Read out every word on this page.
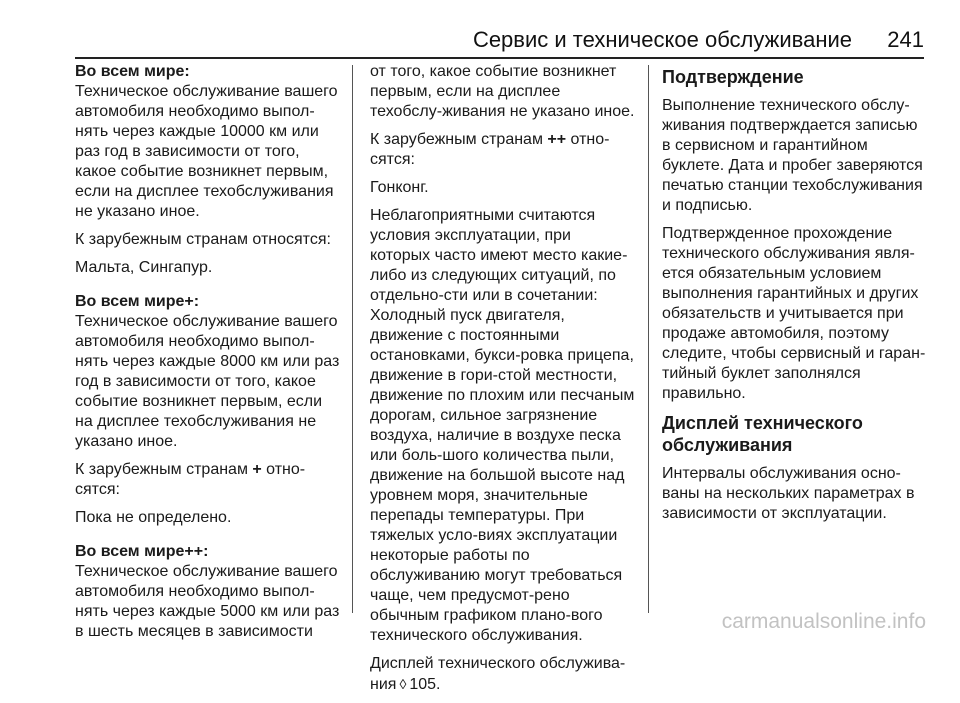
Сервис и техническое обслуживание 241
Во всем мире:

Техническое обслуживание вашего автомобиля необходимо выпол-нять через каждые 10000 км или раз год в зависимости от того, какое событие возникнет первым, если на дисплее техобслуживания не указано иное.

К зарубежным странам относятся:

Мальта, Сингапур.

Во всем мире+:

Техническое обслуживание вашего автомобиля необходимо выпол-нять через каждые 8000 км или раз год в зависимости от того, какое событие возникнет первым, если на дисплее техобслуживания не указано иное.

К зарубежным странам + отно-сятся:

Пока не определено.

Во всем мире++:

Техническое обслуживание вашего автомобиля необходимо выпол-нять через каждые 5000 км или раз в шесть месяцев в зависимости

от того, какое событие возникнет первым, если на дисплее техобслу-живания не указано иное.

К зарубежным странам ++ отно-сятся:

Гонконг.

Неблагоприятными считаются условия эксплуатации, при которых часто имеют место какие-либо из следующих ситуаций, по отдельно-сти или в сочетании: Холодный пуск двигателя, движение с постоянными остановками, букси-ровка прицепа, движение в гори-стой местности, движение по плохим или песчаным дорогам, сильное загрязнение воздуха, наличие в воздухе песка или боль-шого количества пыли, движение на большой высоте над уровнем моря, значительные перепады температуры. При тяжелых усло-виях эксплуатации некоторые работы по обслуживанию могут требоваться чаще, чем предусмот-рено обычным графиком плано-вого технического обслуживания.

Дисплей технического обслужива-ния ◊ 105.

Подтверждение

Выполнение технического обслу-живания подтверждается записью в сервисном и гарантийном буклете. Дата и пробег заверяются печатью станции техобслуживания и подписью.

Подтвержденное прохождение технического обслуживания явля-ется обязательным условием выполнения гарантийных и других обязательств и учитывается при продаже автомобиля, поэтому следите, чтобы сервисный и гаран-тийный буклет заполнялся правильно.

Дисплей технического обслуживания

Интервалы обслуживания осно-ваны на нескольких параметрах в зависимости от эксплуатации.

carmanualsonline.info
